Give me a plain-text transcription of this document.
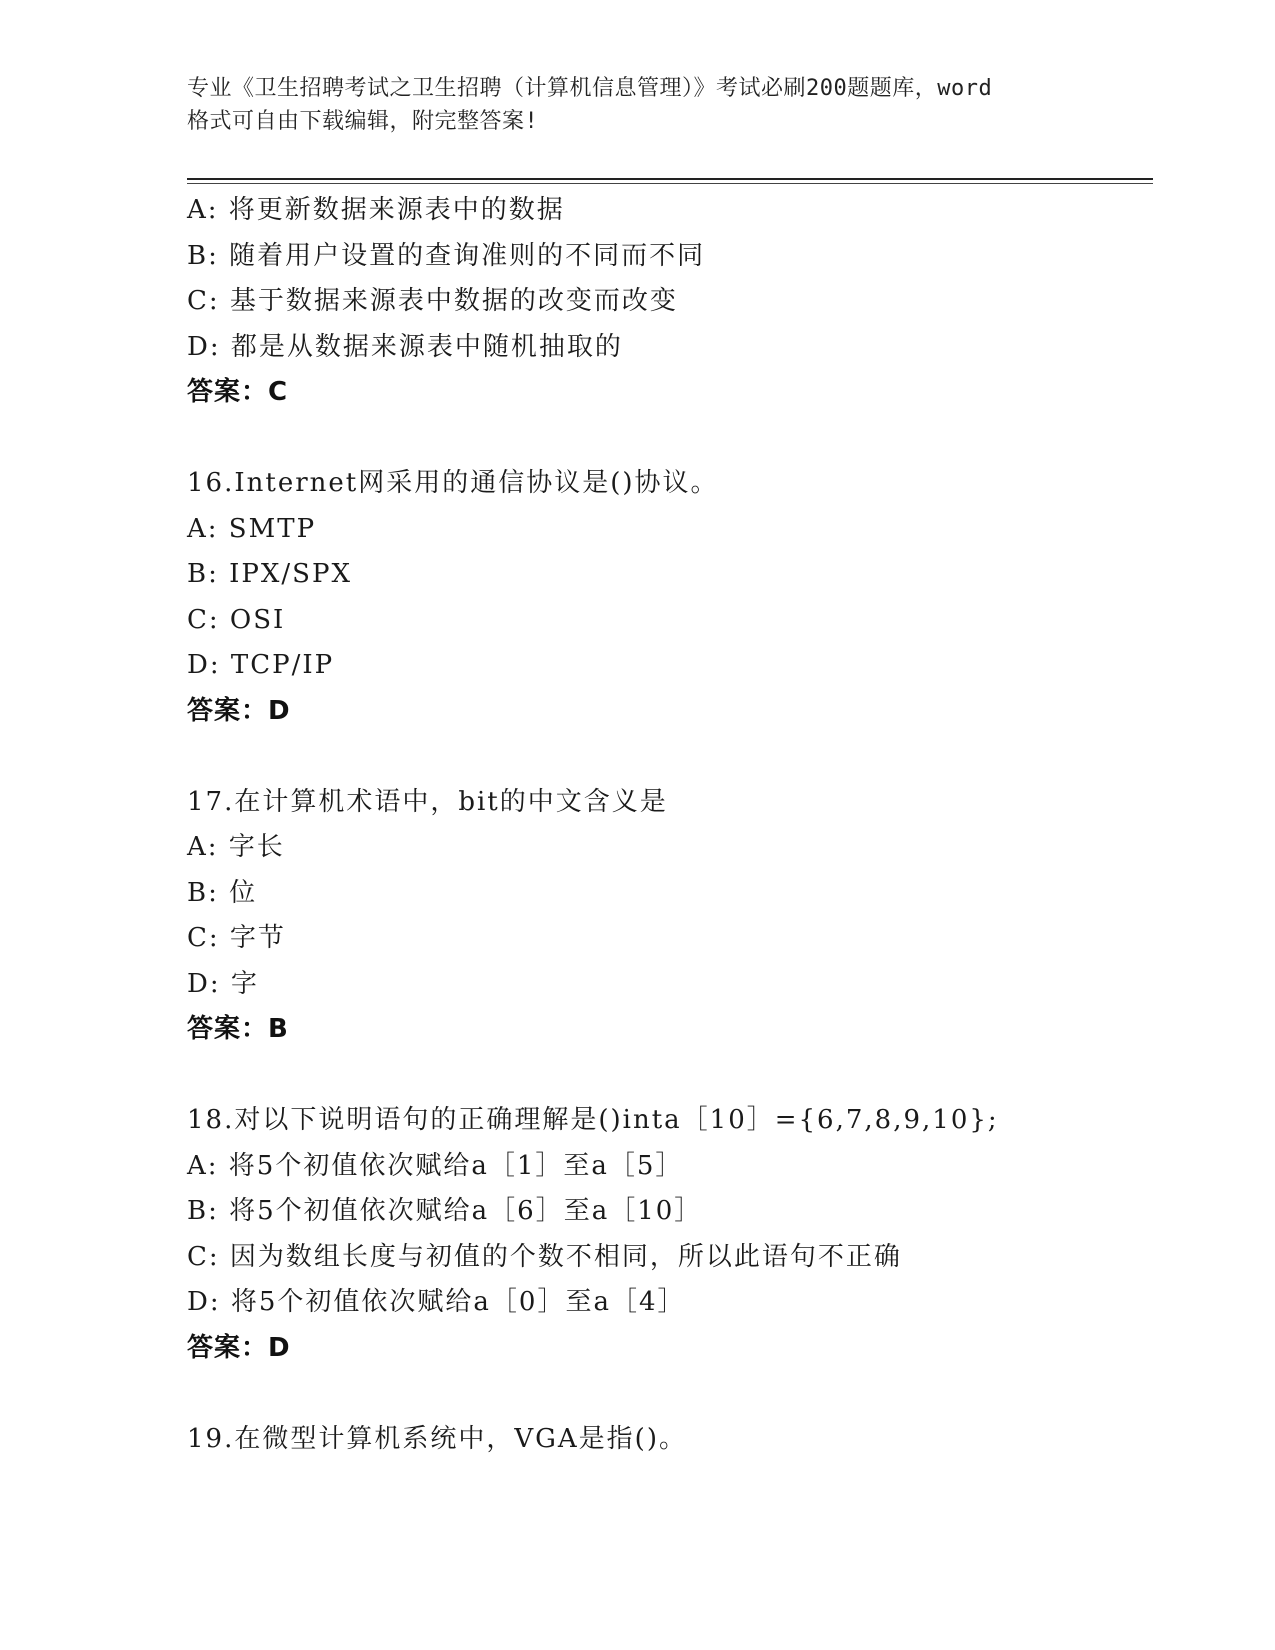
专业《卫生招聘考试之卫生招聘（计算机信息管理）》考试必刷200题题库，word
格式可自由下载编辑，附完整答案!
A: 将更新数据来源表中的数据
B: 随着用户设置的查询准则的不同而不同
C: 基于数据来源表中数据的改变而改变
D: 都是从数据来源表中随机抽取的
答案：C
16.Internet网采用的通信协议是()协议。
A: SMTP
B: IPX/SPX
C: OSI
D: TCP/IP
答案：D
17.在计算机术语中，bit的中文含义是
A: 字长
B: 位
C: 字节
D: 字
答案：B
18.对以下说明语句的正确理解是()inta［10］={6,7,8,9,10};
A: 将5个初值依次赋给a［1］至a［5］
B: 将5个初值依次赋给a［6］至a［10］
C: 因为数组长度与初值的个数不相同，所以此语句不正确
D: 将5个初值依次赋给a［0］至a［4］
答案：D
19.在微型计算机系统中，VGA是指()。
